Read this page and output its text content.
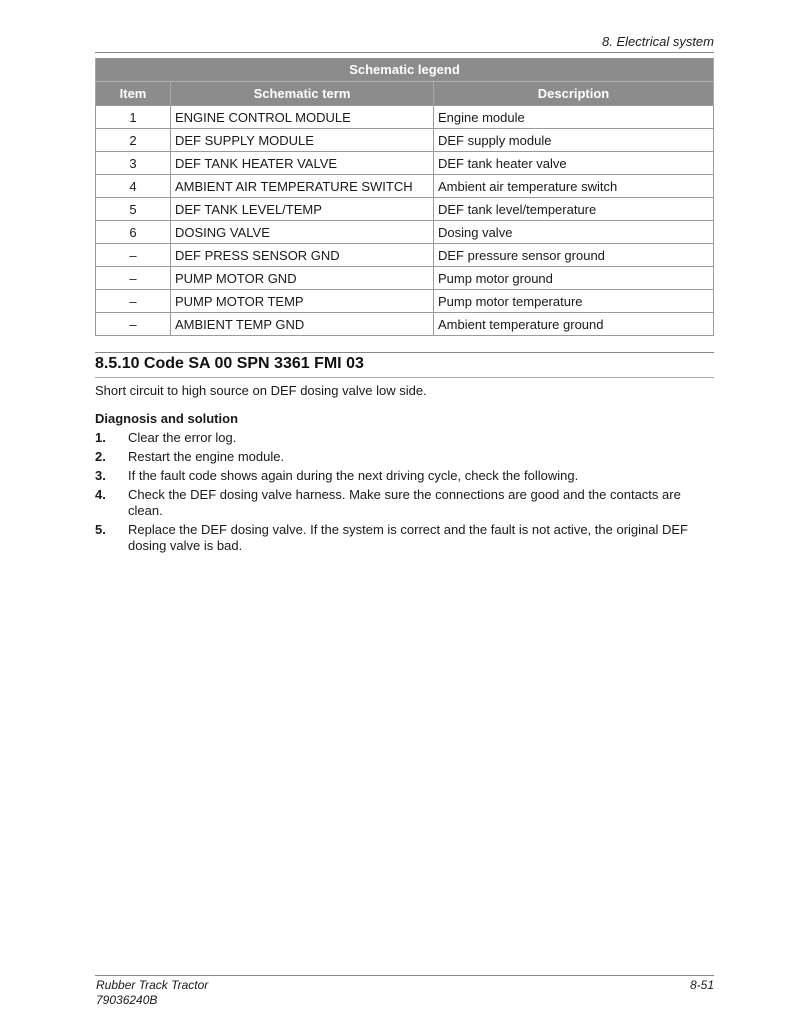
8. Electrical system
Schematic legend		
Item	Schematic term	Description
1	ENGINE CONTROL MODULE	Engine module
2	DEF SUPPLY MODULE	DEF supply module
3	DEF TANK HEATER VALVE	DEF tank heater valve
4	AMBIENT AIR TEMPERATURE SWITCH	Ambient air temperature switch
5	DEF TANK LEVEL/TEMP	DEF tank level/temperature
6	DOSING VALVE	Dosing valve
–	DEF PRESS SENSOR GND	DEF pressure sensor ground
–	PUMP MOTOR GND	Pump motor ground
–	PUMP MOTOR TEMP	Pump motor temperature
–	AMBIENT TEMP GND	Ambient temperature ground
8.5.10 Code SA 00 SPN 3361 FMI 03

Short circuit to high source on DEF dosing valve low side.

Diagnosis and solution
1. Clear the error log.
2. Restart the engine module.
3. If the fault code shows again during the next driving cycle, check the following.
4. Check the DEF dosing valve harness. Make sure the connections are good and the contacts are clean.
5. Replace the DEF dosing valve. If the system is correct and the fault is not active, the original DEF dosing valve is bad.
Rubber Track Tractor
79036240B
8-51
